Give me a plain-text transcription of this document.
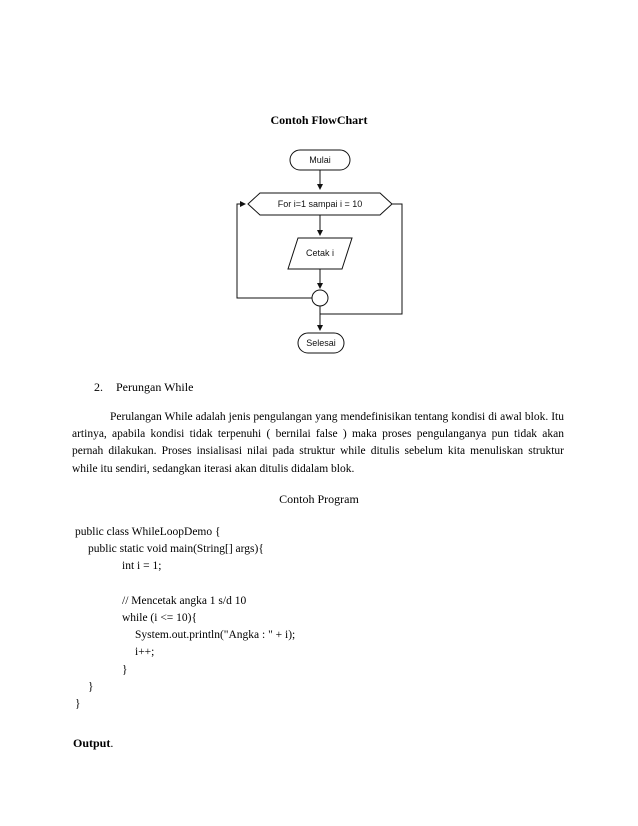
Contoh FlowChart
Mulai
For i=1 sampai i = 10
Cetak i
Selesai
2. Perungan While

Perulangan While adalah jenis pengulangan yang mendefinisikan tentang kondisi di awal blok. Itu artinya, apabila kondisi tidak terpenuhi ( bernilai false ) maka proses pengulanganya pun tidak akan pernah dilakukan. Proses insialisasi nilai pada struktur while ditulis sebelum kita menuliskan struktur while itu sendiri, sedangkan iterasi akan ditulis didalam blok.

Contoh Program
public class WhileLoopDemo {
public static void main(String[] args){
int i = 1;
// Mencetak angka 1 s/d 10
while (i <= 10){
System.out.println("Angka : " + i);
i++;
}
}
}
Output.
